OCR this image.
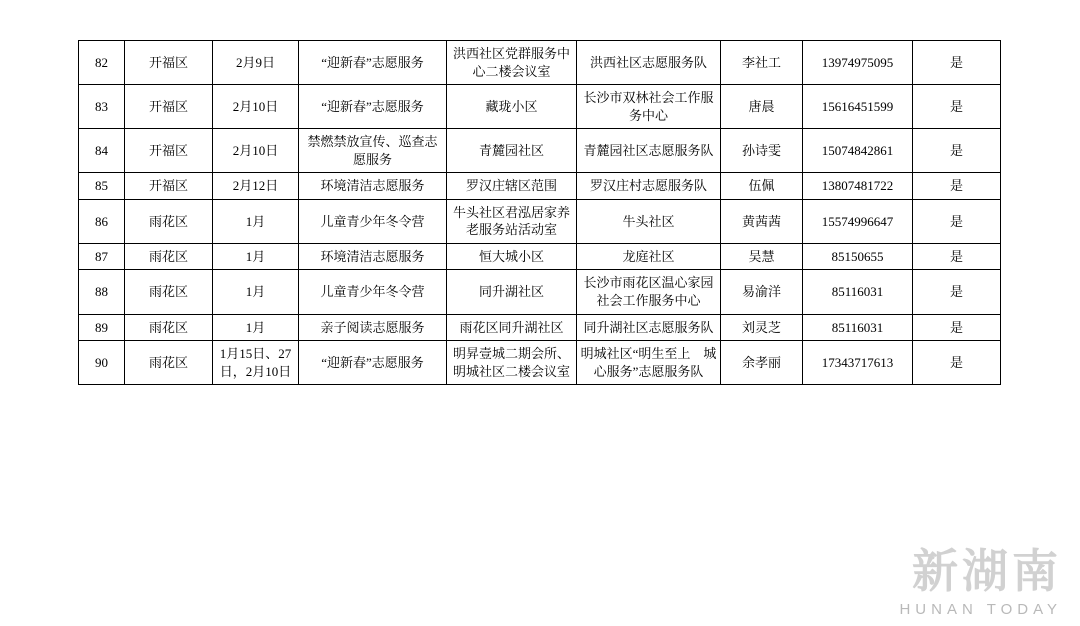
82	开福区	2月9日	“迎新春”志愿服务	洪西社区党群服务中心二楼会议室	洪西社区志愿服务队	李社工	13974975095	是
83	开福区	2月10日	“迎新春”志愿服务	藏珑小区	长沙市双林社会工作服务中心	唐晨	15616451599	是
84	开福区	2月10日	禁燃禁放宣传、巡查志愿服务	青麓园社区	青麓园社区志愿服务队	孙诗雯	15074842861	是
85	开福区	2月12日	环境清洁志愿服务	罗汉庄辖区范围	罗汉庄村志愿服务队	伍佩	13807481722	是
86	雨花区	1月	儿童青少年冬令营	牛头社区君泓居家养老服务站活动室	牛头社区	黄茜茜	15574996647	是
87	雨花区	1月	环境清洁志愿服务	恒大城小区	龙庭社区	吴慧	85150655	是
88	雨花区	1月	儿童青少年冬令营	同升湖社区	长沙市雨花区温心家园社会工作服务中心	易渝洋	85116031	是
89	雨花区	1月	亲子阅读志愿服务	雨花区同升湖社区	同升湖社区志愿服务队	刘灵芝	85116031	是
90	雨花区	1月15日、27日，2月10日	“迎新春”志愿服务	明昇壹城二期会所、明城社区二楼会议室	明城社区“明生至上　城心服务”志愿服务队	余孝丽	17343717613	是
新湖南
HUNAN TODAY
